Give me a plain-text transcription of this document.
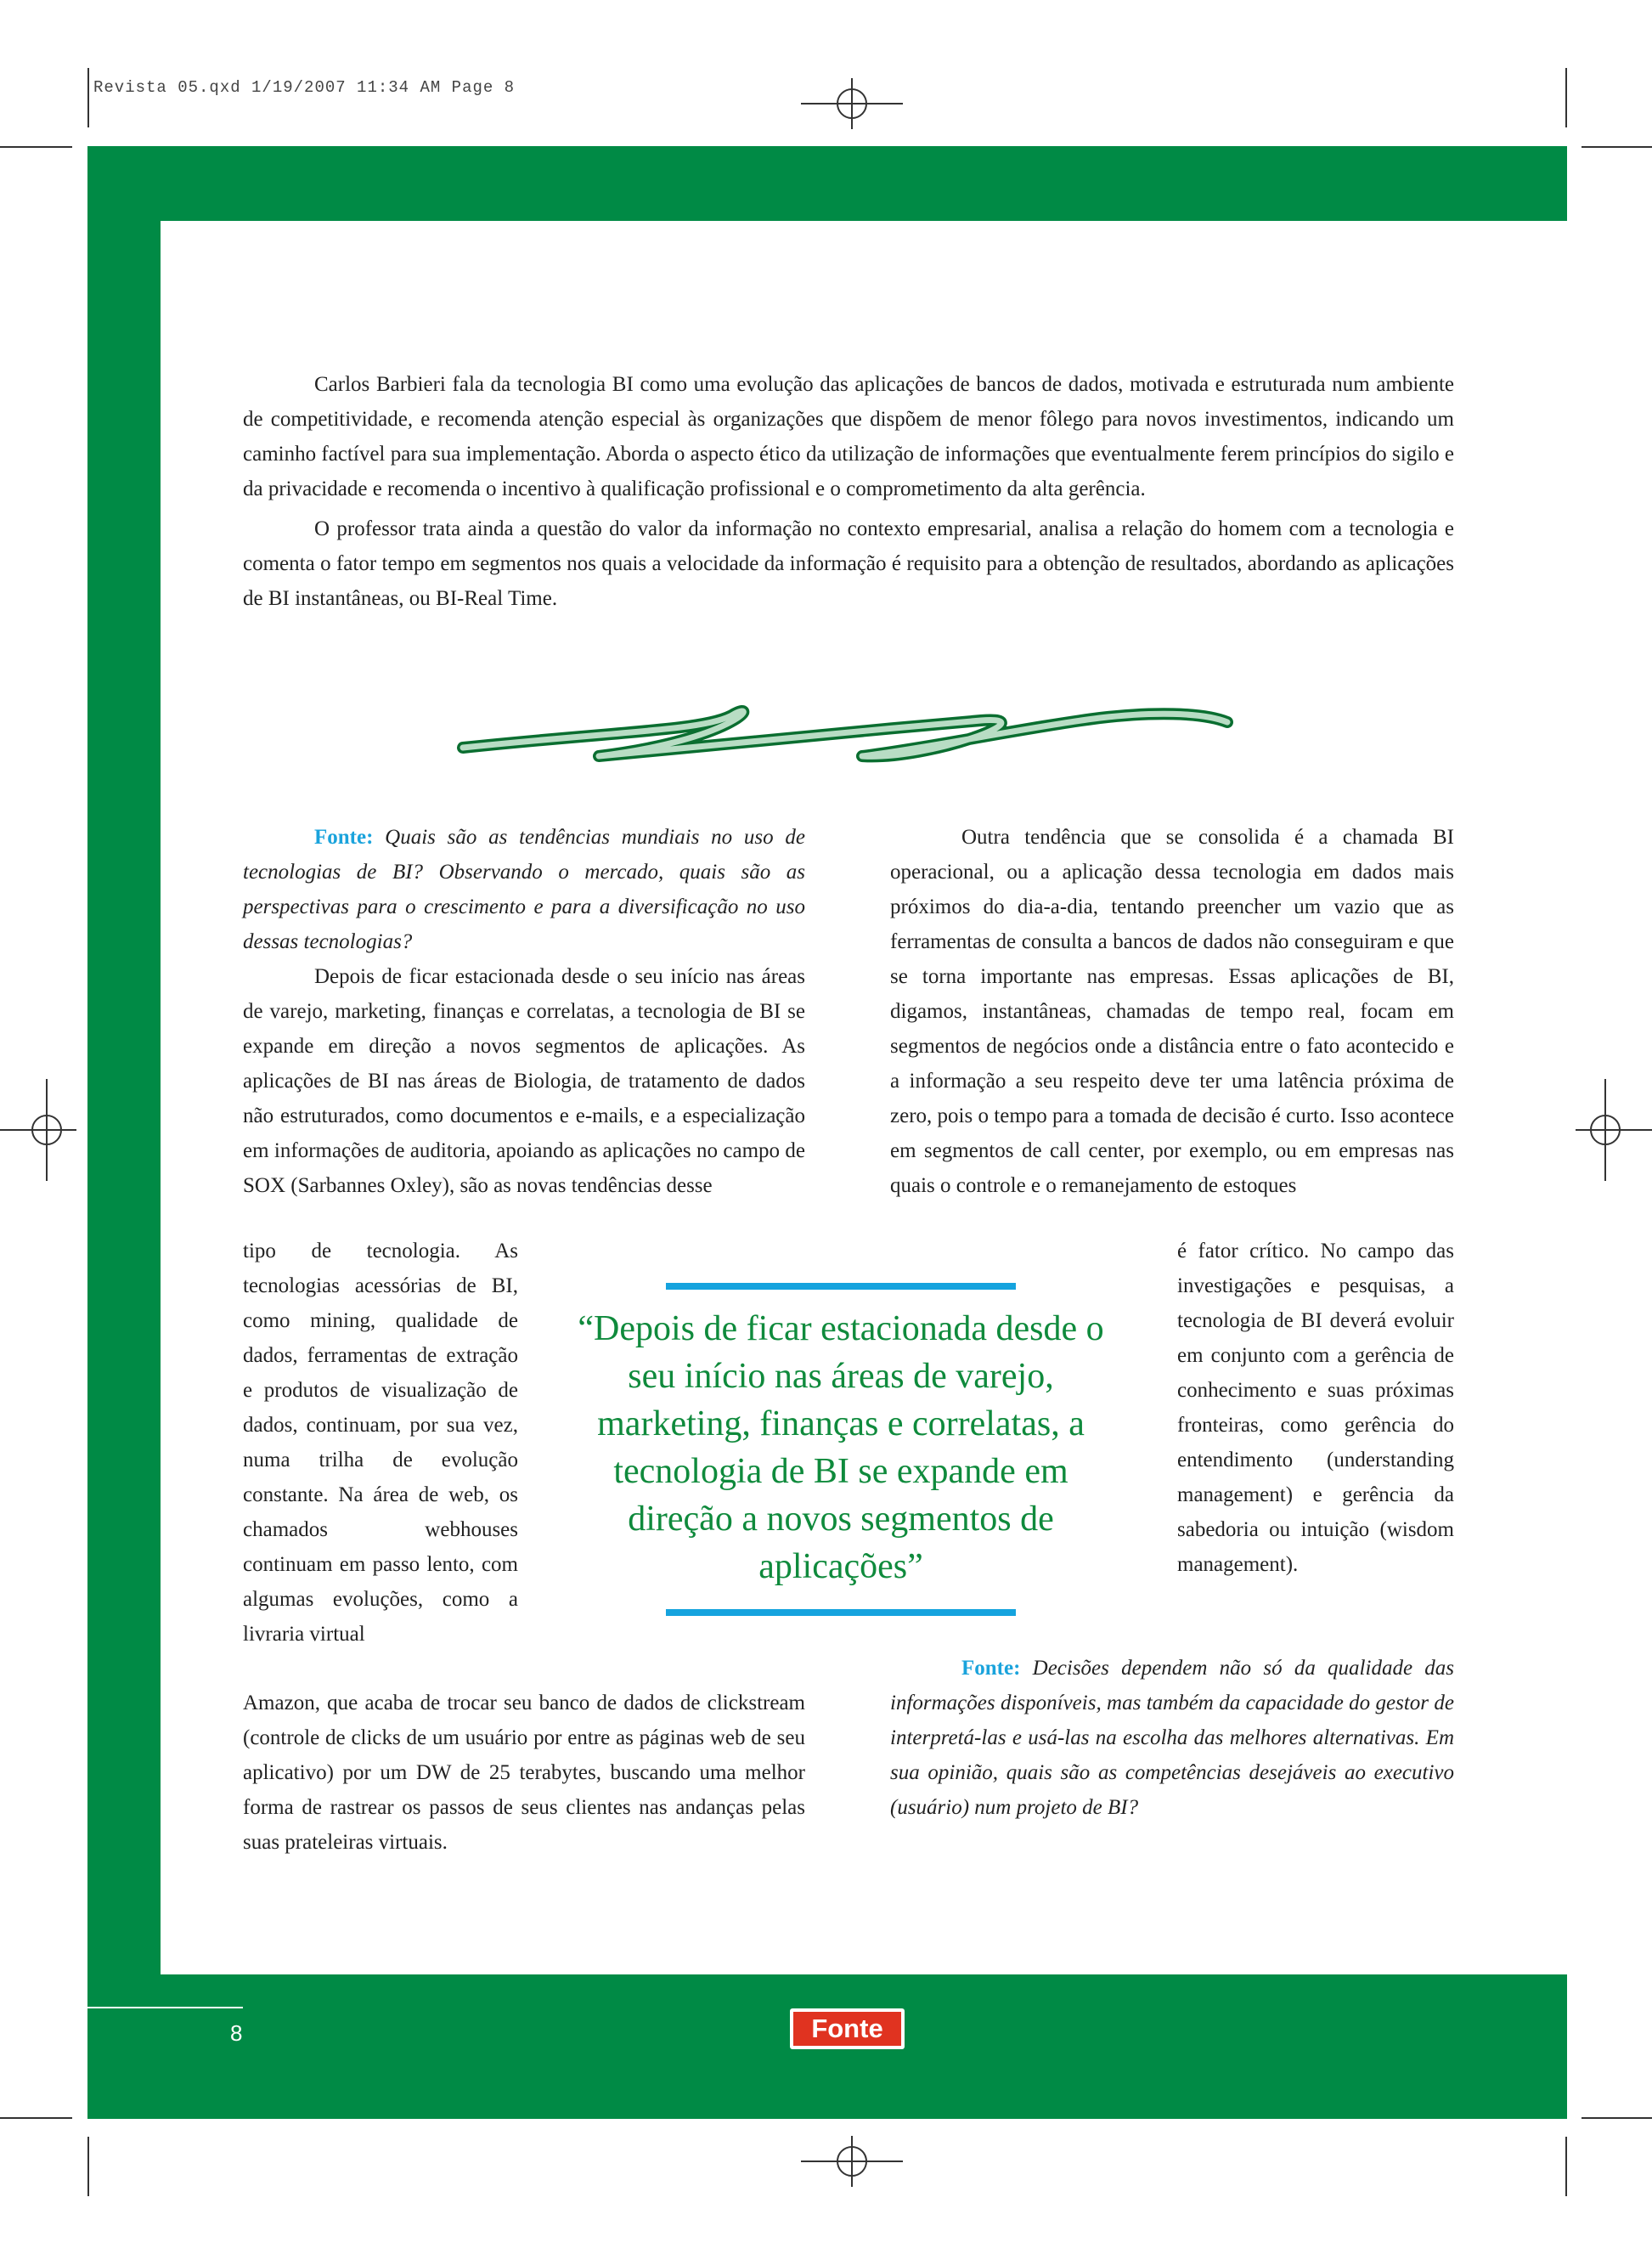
Revista 05.qxd 1/19/2007 11:34 AM Page 8

Carlos Barbieri fala da tecnologia BI como uma evolução das aplicações de bancos de dados, motivada e estruturada num ambiente de competitividade, e recomenda atenção especial às organizações que dispõem de menor fôlego para novos investimentos, indicando um caminho factível para sua implementação. Aborda o aspecto ético da utilização de informações que eventualmente ferem princípios do sigilo e da privacidade e recomenda o incentivo à qualificação profissional e o comprometimento da alta gerência.

O professor trata ainda a questão do valor da informação no contexto empresarial, analisa a relação do homem com a tecnologia e comenta o fator tempo em segmentos nos quais a velocidade da informação é requisito para a obtenção de resultados, abordando as aplicações de BI instantâneas, ou BI-Real Time.

Fonte: Quais são as tendências mundiais no uso de tecnologias de BI? Observando o mercado, quais são as perspectivas para o crescimento e para a diversificação no uso dessas tecnologias?

Depois de ficar estacionada desde o seu início nas áreas de varejo, marketing, finanças e correlatas, a tecnologia de BI se expande em direção a novos segmentos de aplicações. As aplicações de BI nas áreas de Biologia, de tratamento de dados não estruturados, como documentos e e-mails, e a especialização em informações de auditoria, apoiando as aplicações no campo de SOX (Sarbannes Oxley), são as novas tendências desse

tipo de tecnologia. As tecnologias acessórias de BI, como mining, qualidade de dados, ferramentas de extração e produtos de visualização de dados, continuam, por sua vez, numa trilha de evolução constante. Na área de web, os chamados webhouses continuam em passo lento, com algumas evoluções, como a livraria virtual

Amazon, que acaba de trocar seu banco de dados de clickstream (controle de clicks de um usuário por entre as páginas web de seu aplicativo) por um DW de 25 terabytes, buscando uma melhor forma de rastrear os passos de seus clientes nas andanças pelas suas prateleiras virtuais.

Outra tendência que se consolida é a chamada BI operacional, ou a aplicação dessa tecnologia em dados mais próximos do dia-a-dia, tentando preencher um vazio que as ferramentas de consulta a bancos de dados não conseguiram e que se torna importante nas empresas. Essas aplicações de BI, digamos, instantâneas, chamadas de tempo real, focam em segmentos de negócios onde a distância entre o fato acontecido e a informação a seu respeito deve ter uma latência próxima de zero, pois o tempo para a tomada de decisão é curto. Isso acontece em segmentos de call center, por exemplo, ou em empresas nas quais o controle e o remanejamento de estoques

é fator crítico. No campo das investigações e pesquisas, a tecnologia de BI deverá evoluir em conjunto com a gerência de conhecimento e suas próximas fronteiras, como gerência do entendimento (understanding management) e gerência da sabedoria ou intuição (wisdom management).

Fonte: Decisões dependem não só da qualidade das informações disponíveis, mas também da capacidade do gestor de interpretá-las e usá-las na escolha das melhores alternativas. Em sua opinião, quais são as competências desejáveis ao executivo (usuário) num projeto de BI?

“Depois de ficar estacionada desde o seu início nas áreas de varejo, marketing, finanças e correlatas, a tecnologia de BI se expande em direção a novos segmentos de aplicações”
8	Fonte
